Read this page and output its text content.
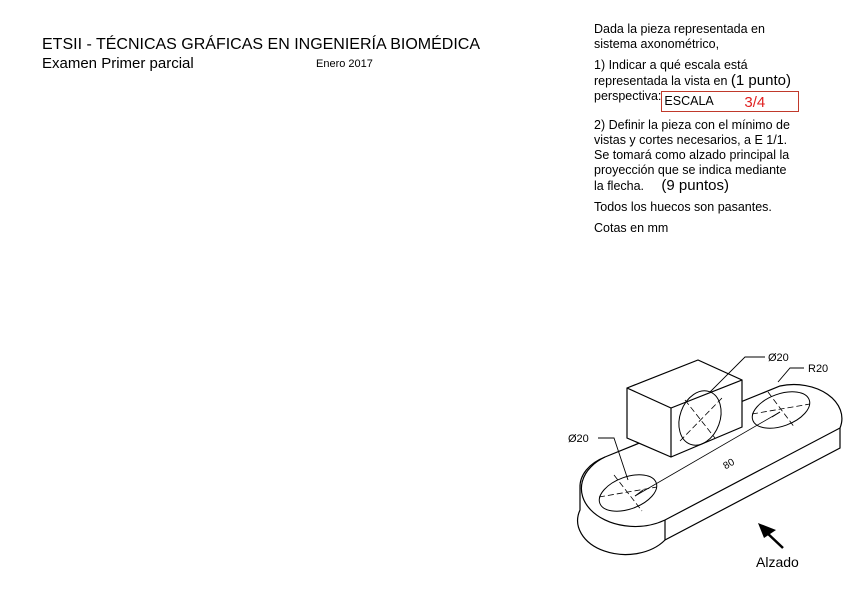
ETSII - TÉCNICAS GRÁFICAS EN INGENIERÍA BIOMÉDICA
Examen Primer parcial	Enero 2017

Dada la pieza representada en
sistema axonométrico,

1) Indicar a qué escala está
representada la vista en (1 punto)
perspectiva: ESCALA 3/4

2) Definir la pieza con el mínimo de
vistas y cortes necesarios, a E 1/1.
Se tomará como alzado principal la
proyección que se indica mediante
la flecha. (9 puntos)

Todos los huecos son pasantes.

Cotas en mm

80
Ø20
R20
Ø20
Alzado
